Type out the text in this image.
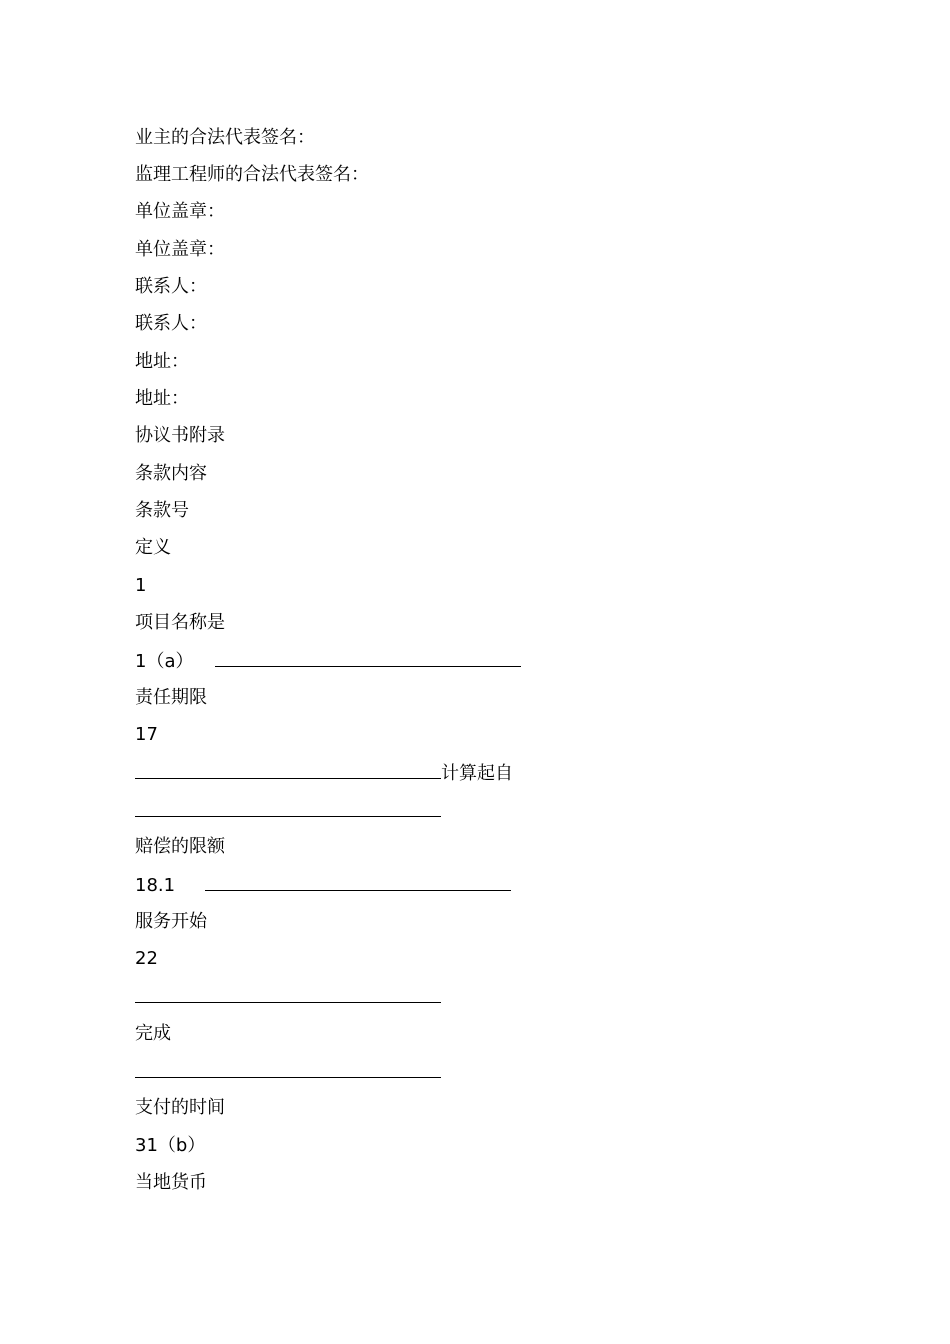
业主的合法代表签名：
监理工程师的合法代表签名：
单位盖章：
单位盖章：
联系人：
联系人：
地址：
地址：
协议书附录
条款内容
条款号
定义
1
项目名称是
1（a）
责任期限
17
计算起自
赔偿的限额
18.1
服务开始
22
完成
支付的时间
31（b）
当地货币
